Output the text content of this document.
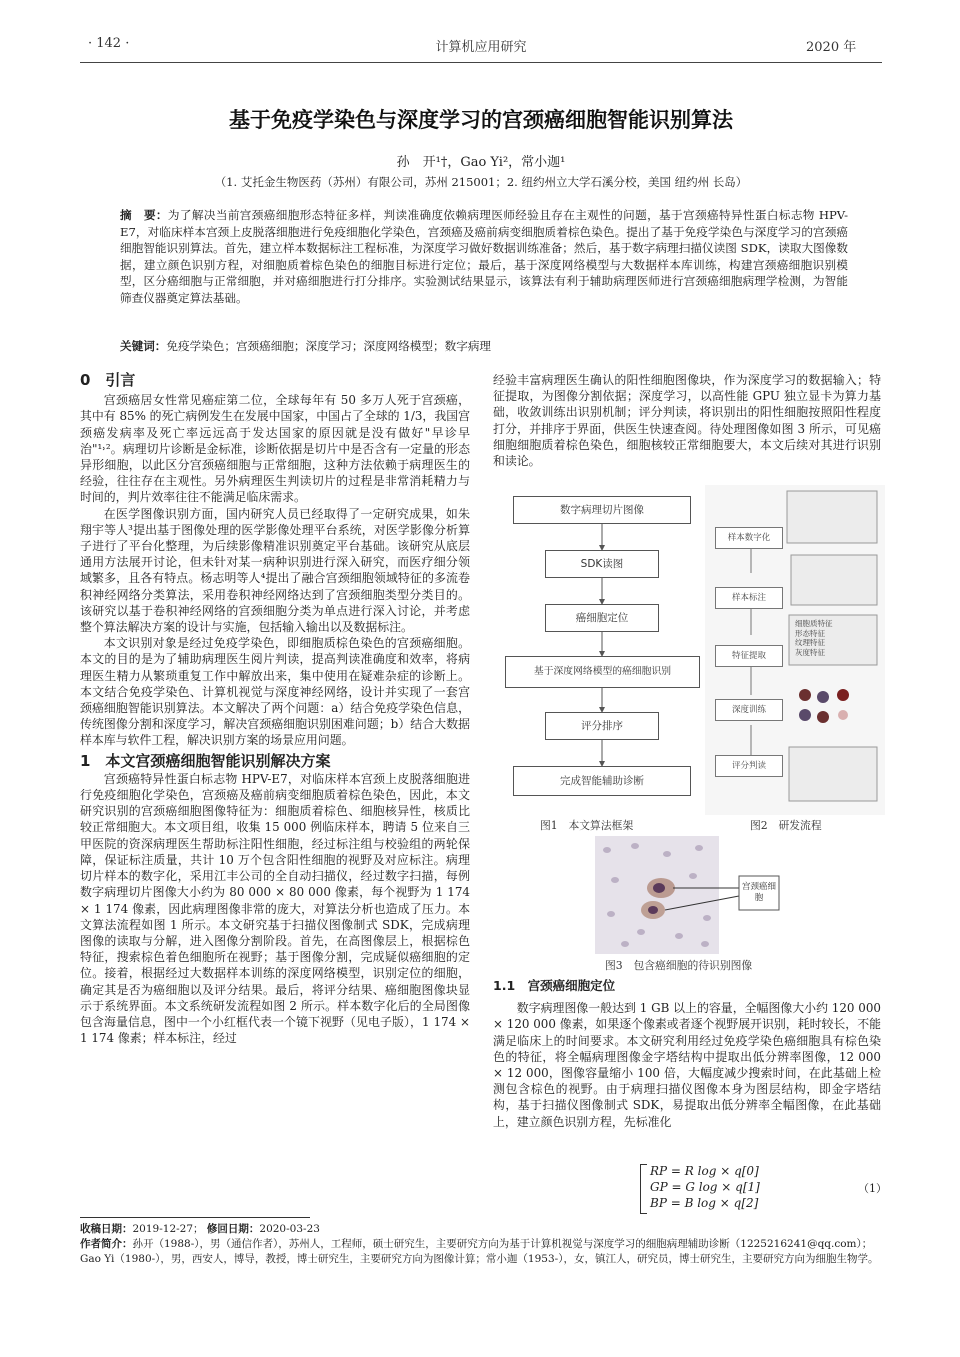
· 142 ·	计算机应用研究	2020 年
基于免疫学染色与深度学习的宫颈癌细胞智能识别算法
孙　开¹†，Gao Yi²，常小迦¹
（1. 艾托金生物医药（苏州）有限公司，苏州 215001；2. 纽约州立大学石溪分校，美国 纽约州 长岛）
摘　要：为了解决当前宫颈癌细胞形态特征多样，判读准确度依赖病理医师经验且存在主观性的问题，基于宫颈癌特异性蛋白标志物 HPV-E7，对临床样本宫颈上皮脱落细胞进行免疫细胞化学染色，宫颈癌及癌前病变细胞质着棕色染色。提出了基于免疫学染色与深度学习的宫颈癌细胞智能识别算法。首先，建立样本数据标注工程标准，为深度学习做好数据训练准备；然后，基于数字病理扫描仪读图 SDK，读取大图像数据，建立颜色识别方程，对细胞质着棕色染色的细胞目标进行定位；最后，基于深度网络模型与大数据样本库训练，构建宫颈癌细胞识别模型，区分癌细胞与正常细胞，并对癌细胞进行打分排序。实验测试结果显示，该算法有利于辅助病理医师进行宫颈癌细胞病理学检测，为智能筛查仪器奠定算法基础。
关键词：免疫学染色；宫颈癌细胞；深度学习；深度网络模型；数字病理
0　引言

宫颈癌居女性常见癌症第二位，全球每年有 50 多万人死于宫颈癌，其中有 85% 的死亡病例发生在发展中国家，中国占了全球的 1/3，我国宫颈癌发病率及死亡率远远高于发达国家的原因就是没有做好"早诊早治"¹˒²。病理切片诊断是金标准，诊断依据是切片中是否含有一定量的形态异形细胞，以此区分宫颈癌细胞与正常细胞，这种方法依赖于病理医生的经验，往往存在主观性。另外病理医生判读切片的过程是非常消耗精力与时间的，判片效率往往不能满足临床需求。

在医学图像识别方面，国内研究人员已经取得了一定研究成果，如朱翔宇等人³提出基于图像处理的医学影像处理平台系统，对医学影像分析算子进行了平台化整理，为后续影像精准识别奠定平台基础。该研究从底层通用方法展开讨论，但未针对某一病种识别进行深入研究，而医疗细分领域繁多，且各有特点。杨志明等人⁴提出了融合宫颈细胞领域特征的多流卷积神经网络分类算法，采用卷积神经网络达到了宫颈细胞类型分类目的。该研究以基于卷积神经网络的宫颈细胞分类为单点进行深入讨论，并考虑整个算法解决方案的设计与实施，包括输入输出以及数据标注。

本文识别对象是经过免疫学染色，即细胞质棕色染色的宫颈癌细胞。本文的目的是为了辅助病理医生阅片判读，提高判读准确度和效率，将病理医生精力从繁琐重复工作中解放出来，集中使用在疑难杂症的诊断上。本文结合免疫学染色、计算机视觉与深度神经网络，设计并实现了一套宫颈癌细胞智能识别算法。本文解决了两个问题：a）结合免疫学染色信息，传统图像分割和深度学习，解决宫颈癌细胞识别困难问题；b）结合大数据样本库与软件工程，解决识别方案的场景应用问题。

1　本文宫颈癌细胞智能识别解决方案

宫颈癌特异性蛋白标志物 HPV-E7，对临床样本宫颈上皮脱落细胞进行免疫细胞化学染色，宫颈癌及癌前病变细胞质着棕色染色，因此，本文研究识别的宫颈癌细胞图像特征为：细胞质着棕色、细胞核异性，核质比较正常细胞大。本文项目组，收集 15 000 例临床样本，聘请 5 位来自三甲医院的资深病理医生帮助标注阳性细胞，经过标注组与校验组的两轮保障，保证标注质量，共计 10 万个包含阳性细胞的视野及对应标注。病理切片样本的数字化，采用江丰公司的全自动扫描仪，经过数字扫描，每例数字病理切片图像大小约为 80 000 × 80 000 像素，每个视野为 1 174 × 1 174 像素，因此病理图像非常的庞大，对算法分析也造成了压力。本文算法流程如图 1 所示。本文研究基于扫描仪图像制式 SDK，完成病理图像的读取与分解，进入图像分割阶段。首先，在高图像层上，根据棕色特征，搜索棕色着色细胞所在视野；基于图像分割，完成疑似癌细胞的定位。接着，根据经过大数据样本训练的深度网络模型，识别定位的细胞，确定其是否为癌细胞以及评分结果。最后，将评分结果、癌细胞图像块显示于系统界面。本文系统研发流程如图 2 所示。样本数字化后的全局图像包含海量信息，图中一个小红框代表一个镜下视野（见电子版），1 174 × 1 174 像素；样本标注，经过

经验丰富病理医生确认的阳性细胞图像块，作为深度学习的数据输入；特征提取，为图像分割依据；深度学习，以高性能 GPU 独立显卡为算力基础，收敛训练出识别机制；评分判读，将识别出的阳性细胞按照阳性程度打分，并排序于界面，供医生快速查阅。待处理图像如图 3 所示，可见癌细胞细胞质着棕色染色，细胞核较正常细胞要大，本文后续对其进行识别和读论。

数字病理切片图像
SDK读图
癌细胞定位
基于深度网络模型的癌细胞识别
评分排序
完成智能辅助诊断
图1　本文算法框架
样本数字化
样本标注
特征提取
细胞质特征
形态特征
纹理特征
灰度特征
深度训练
评分判读
图2　研发流程
宫颈癌细胞
图3　包含癌细胞的待识别图像
1.1　宫颈癌细胞定位

数字病理图像一般达到 1 GB 以上的容量，全幅图像大小约 120 000 × 120 000 像素，如果逐个像素或者逐个视野展开识别，耗时较长，不能满足临床上的时间要求。本文研究利用经过免疫学染色癌细胞具有棕色染色的特征，将全幅病理图像金字塔结构中提取出低分辨率图像，12 000 × 12 000，图像容量缩小 100 倍，大幅度减少搜索时间，在此基础上检测包含棕色的视野。由于病理扫描仪图像本身为图层结构，即金字塔结构，基于扫描仪图像制式 SDK，易提取出低分辨率全幅图像，在此基础上，建立颜色识别方程，先标准化

RP = R log × q[0]
GP = G log × q[1]
BP = B log × q[2]
（1）
收稿日期：2019-12-27； 修回日期：2020-03-23
作者简介：孙开（1988-），男（通信作者），苏州人，工程师，硕士研究生，主要研究方向为基于计算机视觉与深度学习的细胞病理辅助诊断（1225216241@qq.com）；Gao Yi（1980-），男，西安人，博导，教授，博士研究生，主要研究方向为图像计算；常小迦（1953-），女，镇江人，研究员，博士研究生，主要研究方向为细胞生物学。
